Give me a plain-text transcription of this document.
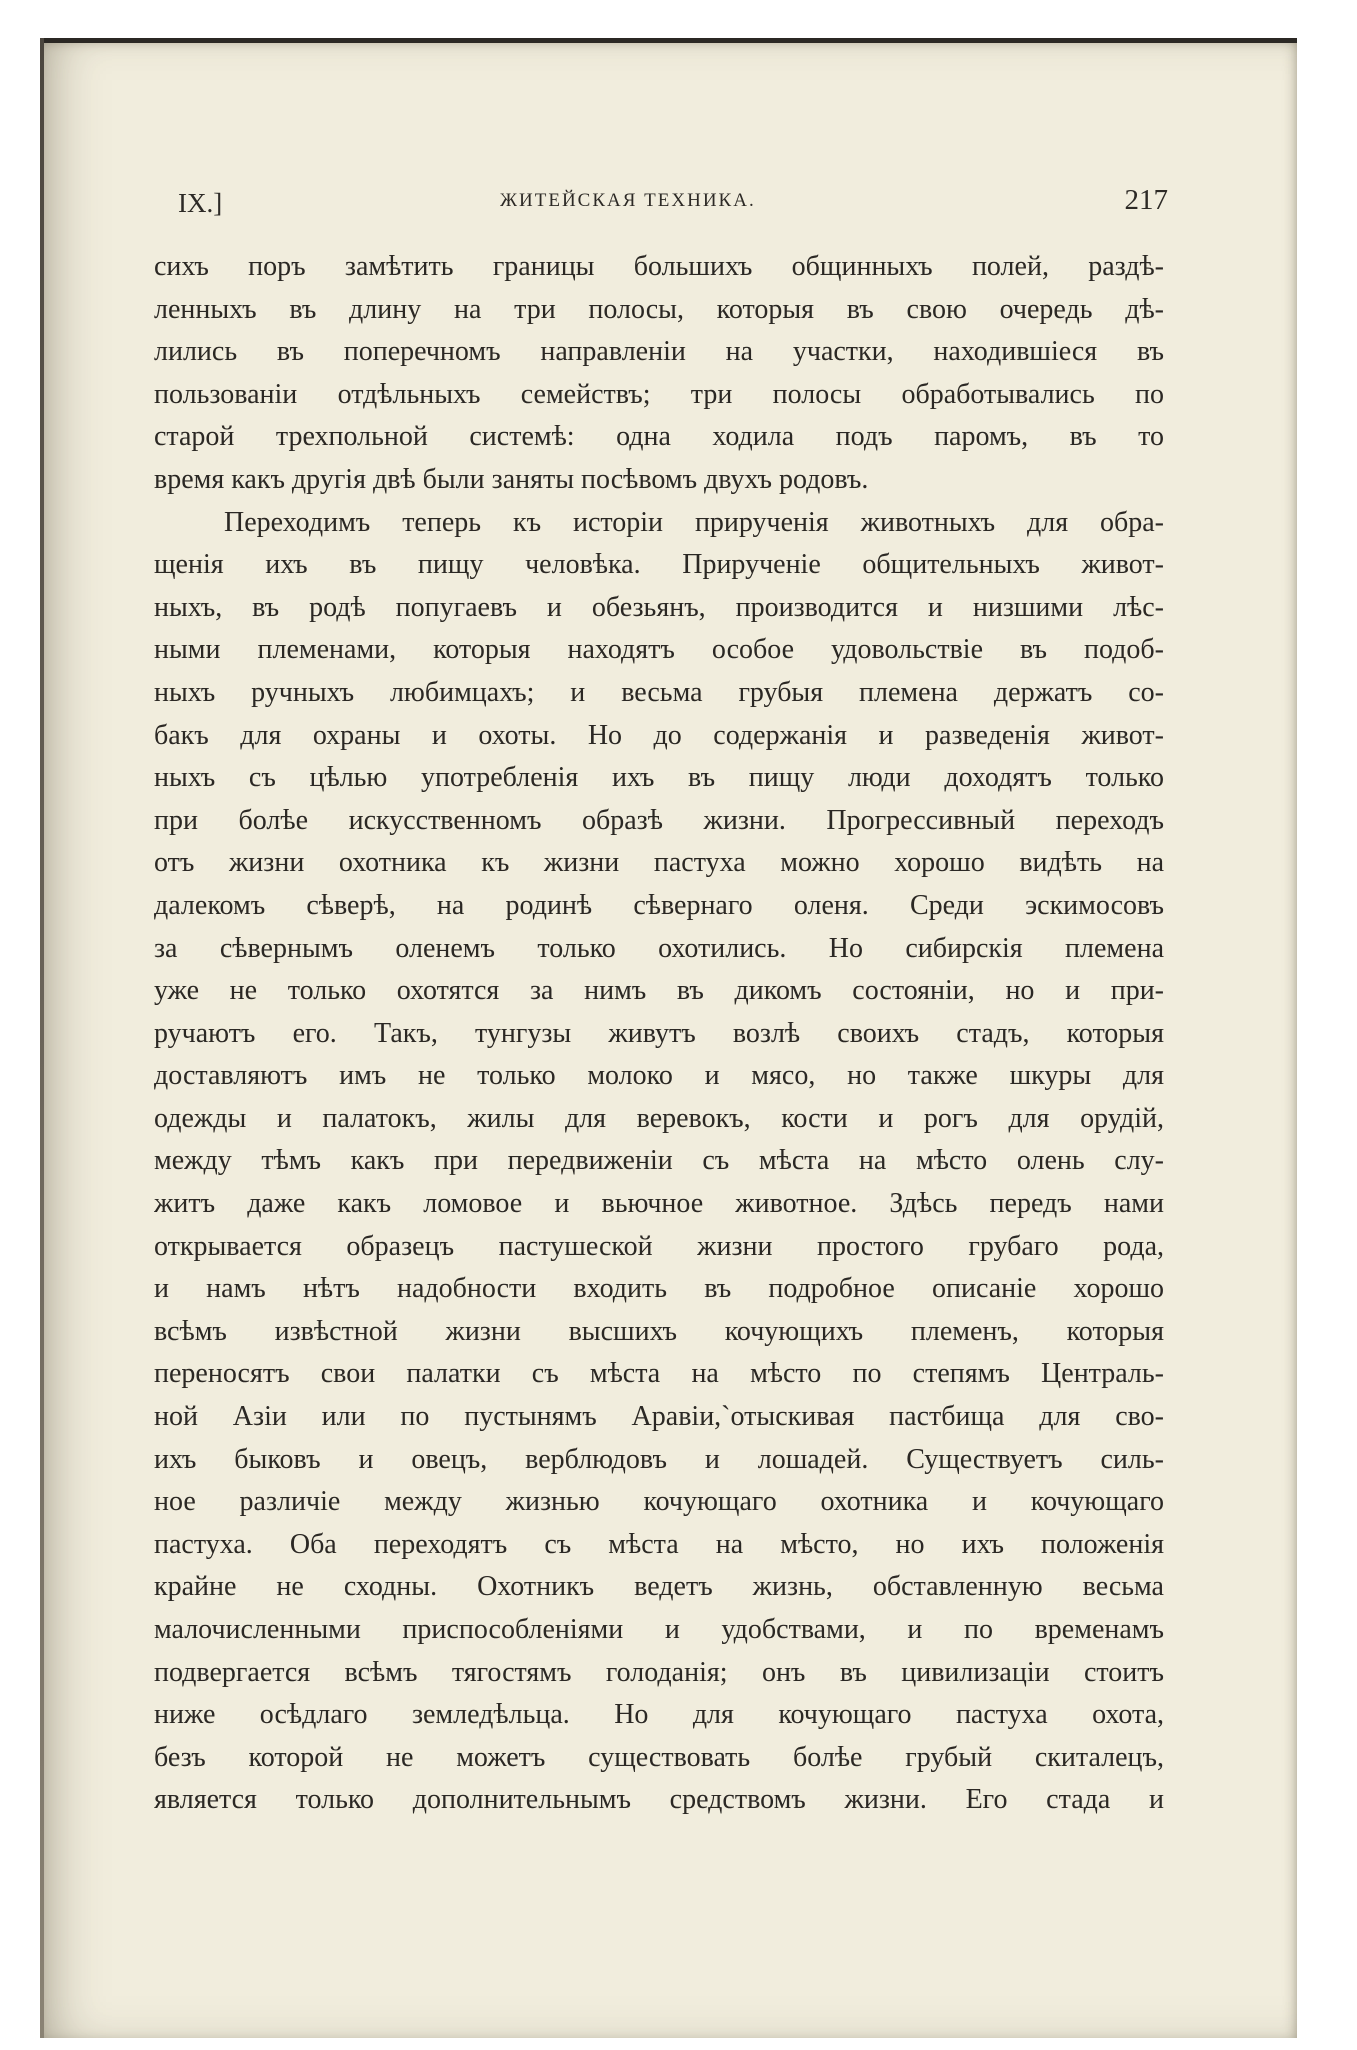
IX.]	ЖИТЕЙСКАЯ ТЕХНИКА.	217
сихъ поръ замѣтить границы большихъ общинныхъ полей, раздѣ-
ленныхъ въ длину на три полосы, которыя въ свою очередь дѣ-
лились въ поперечномъ направленіи на участки, находившіеся въ
пользованіи отдѣльныхъ семействъ; три полосы обработывались по
старой трехпольной системѣ: одна ходила подъ паромъ, въ то
время какъ другія двѣ были заняты посѣвомъ двухъ родовъ.
Переходимъ теперь къ исторіи прирученія животныхъ для обра-
щенія ихъ въ пищу человѣка. Прирученіе общительныхъ живот-
ныхъ, въ родѣ попугаевъ и обезьянъ, производится и низшими лѣс-
ными племенами, которыя находятъ особое удовольствіе въ подоб-
ныхъ ручныхъ любимцахъ; и весьма грубыя племена держатъ со-
бакъ для охраны и охоты. Но до содержанія и разведенія живот-
ныхъ съ цѣлью употребленія ихъ въ пищу люди доходятъ только
при болѣе искусственномъ образѣ жизни. Прогрессивный переходъ
отъ жизни охотника къ жизни пастуха можно хорошо видѣть на
далекомъ сѣверѣ, на родинѣ сѣвернаго оленя. Среди эскимосовъ
за сѣвернымъ оленемъ только охотились. Но сибирскія племена
уже не только охотятся за нимъ въ дикомъ состояніи, но и при-
ручаютъ его. Такъ, тунгузы живутъ возлѣ своихъ стадъ, которыя
доставляютъ имъ не только молоко и мясо, но также шкуры для
одежды и палатокъ, жилы для веревокъ, кости и рогъ для орудій,
между тѣмъ какъ при передвиженіи съ мѣста на мѣсто олень слу-
житъ даже какъ ломовое и вьючное животное. Здѣсь передъ нами
открывается образецъ пастушеской жизни простого грубаго рода,
и намъ нѣтъ надобности входить въ подробное описаніе хорошо
всѣмъ извѣстной жизни высшихъ кочующихъ племенъ, которыя
переносятъ свои палатки съ мѣста на мѣсто по степямъ Централь-
ной Азіи или по пустынямъ Аравіи,`отыскивая пастбища для сво-
ихъ быковъ и овецъ, верблюдовъ и лошадей. Существуетъ силь-
ное различіе между жизнью кочующаго охотника и кочующаго
пастуха. Оба переходятъ съ мѣста на мѣсто, но ихъ положенія
крайне не сходны. Охотникъ ведетъ жизнь, обставленную весьма
малочисленными приспособленіями и удобствами, и по временамъ
подвергается всѣмъ тягостямъ голоданія; онъ въ цивилизаціи стоитъ
ниже осѣдлаго земледѣльца. Но для кочующаго пастуха охота,
безъ которой не можетъ существовать болѣе грубый скиталецъ,
является только дополнительнымъ средствомъ жизни. Его стада и
